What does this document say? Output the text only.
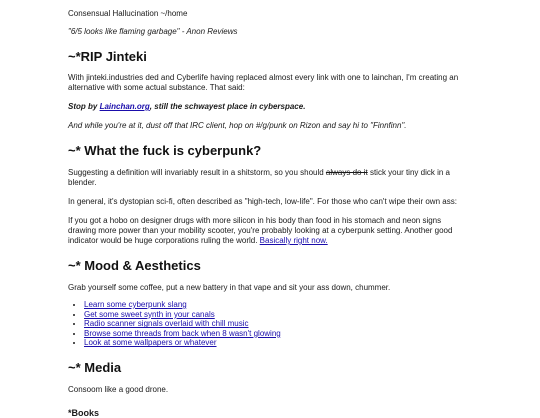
Consensual Hallucination ~/home

"6/5 looks like flaming garbage" - Anon Reviews

~*RIP Jinteki

With jinteki.industries ded and Cyberlife having replaced almost every link with one to lainchan, I'm creating an alternative with some actual substance. That said:

Stop by Lainchan.org, still the schwayest place in cyberspace.

And while you're at it, dust off that IRC client, hop on #/g/punk on Rizon and say hi to "Finnfinn".

~* What the fuck is cyberpunk?

Suggesting a definition will invariably result in a shitstorm, so you should always do it stick your tiny dick in a blender.

In general, it's dystopian sci-fi, often described as "high-tech, low-life". For those who can't wipe their own ass:

If you got a hobo on designer drugs with more silicon in his body than food in his stomach and neon signs drawing more power than your mobility scooter, you're probably looking at a cyberpunk setting. Another good indicator would be huge corporations ruling the world. Basically right now.

~* Mood & Aesthetics

Grab yourself some coffee, put a new battery in that vape and sit your ass down, chummer.

• Learn some cyberpunk slang
• Get some sweet synth in your canals
• Radio scanner signals overlaid with chill music
• Browse some threads from back when 8 wasn't glowing
• Look at some wallpapers or whatever
~* Media

Consoom like a good drone.

*Books
